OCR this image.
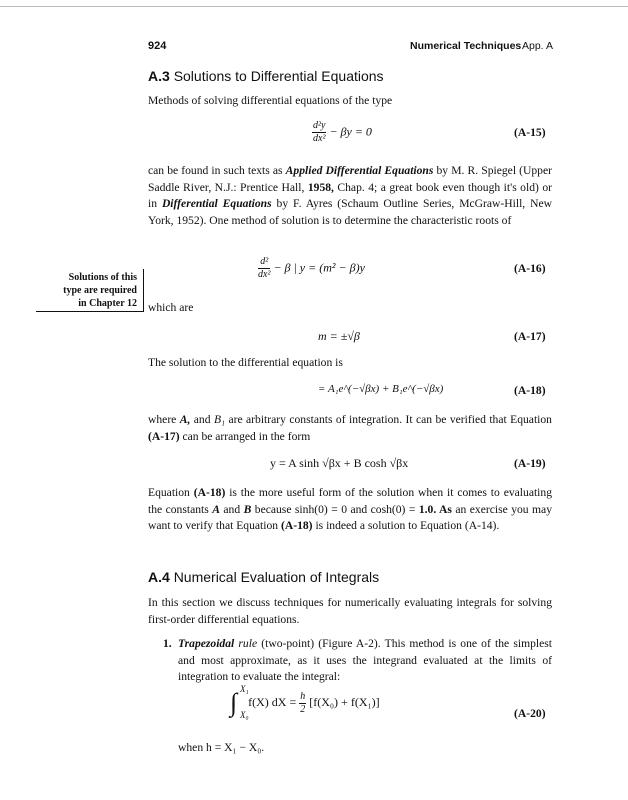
924	Numerical Techniques App. A
A.3 Solutions to Differential Equations
Methods of solving differential equations of the type
$\frac{\text{d²y}}{\text{dx²}} - \beta y = 0$	(A-15)
can be found in such texts as Applied Differential Equations by M. R. Spiegel (Upper Saddle River, N.J.: Prentice Hall, 1958, Chap. 4; a great book even though it's old) or in Differential Equations by F. Ayres (Schaum Outline Series, McGraw-Hill, New York, 1952). One method of solution is to determine the characteristic roots of
$\frac{\text{d²}}{\text{dx²}} - \beta$ | y = (m² − β)y	(A-16)
which are
m = ±√β	(A-17)
Solutions of this
type are required
in Chapter 12
The solution to the differential equation is
= A₁e^(−√βx) + B₁e^(−√βx)	(A-18)
where A, and B₁ are arbitrary constants of integration. It can be verified that Equation (A-17) can be arranged in the form
y = A sinh √βx + B cosh √βx	(A-19)
Equation (A-18) is the more useful form of the solution when it comes to evaluating the constants A and B because sinh(0) = 0 and cosh(0) = 1.0. As an exercise you may want to verify that Equation (A-18) is indeed a solution to Equation (A-14).
A.4 Numerical Evaluation of Integrals
In this section we discuss techniques for numerically evaluating integrals for solving first-order differential equations.
1. Trapezoidal rule (two-point) (Figure A-2). This method is one of the simplest and most approximate, as it uses the integrand evaluated at the limits of integration to evaluate the integral:
∫ X₁
X₀
f(X) dX = $\frac{h}{2} [f(X_0) + f(X_1)]$
(A-20)
when h = X₁ − X₀.
